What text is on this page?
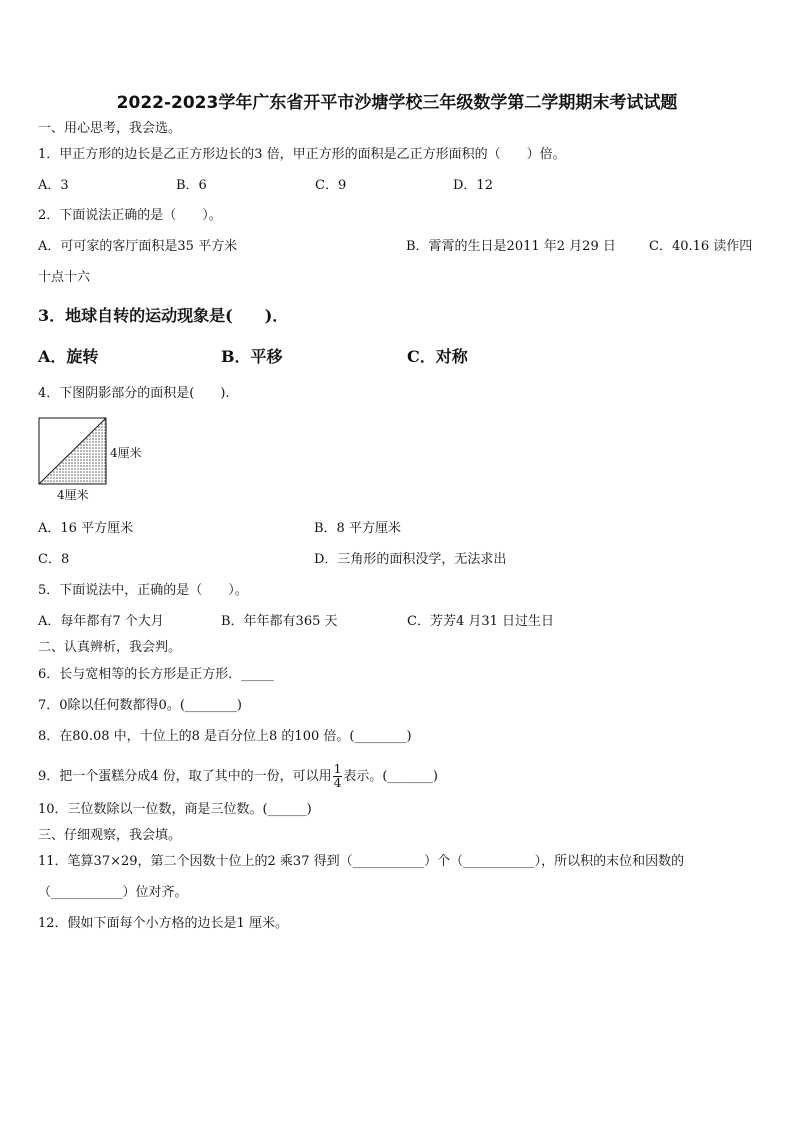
2022-2023学年广东省开平市沙塘学校三年级数学第二学期期末考试试题
一、用心思考，我会选。
1．甲正方形的边长是乙正方形边长的3 倍，甲正方形的面积是乙正方形面积的（　　）倍。
A．3	B．6	C．9	D．12
2．下面说法正确的是（　　）。
A．可可家的客厅面积是35 平方米	B．霄霄的生日是2011 年2 月29 日	C．40.16 读作四
十点十六
3．地球自转的运动现象是(　　)．
A．旋转	B．平移	C．对称
4．下图阴影部分的面积是(　　).
4厘米
4厘米
A．16 平方厘米	B．8 平方厘米
C．8	D．三角形的面积没学，无法求出
5．下面说法中，正确的是（　　）。
A．每年都有7 个大月	B．年年都有365 天	C．芳芳4 月31 日过生日
二、认真辨析，我会判。
6．长与宽相等的长方形是正方形．_____
7．0除以任何数都得0。(________)
8．在80.08 中，十位上的8 是百分位上8 的100 倍。(________)
9．把一个蛋糕分成4 份，取了其中的一份，可以用 $\frac{1}{4}$ 表示。(_______)
10．三位数除以一位数，商是三位数。(______)
三、仔细观察，我会填。
11．笔算37×29，第二个因数十位上的2 乘37 得到（___________）个（___________），所以积的末位和因数的
（___________）位对齐。
12．假如下面每个小方格的边长是1 厘米。
